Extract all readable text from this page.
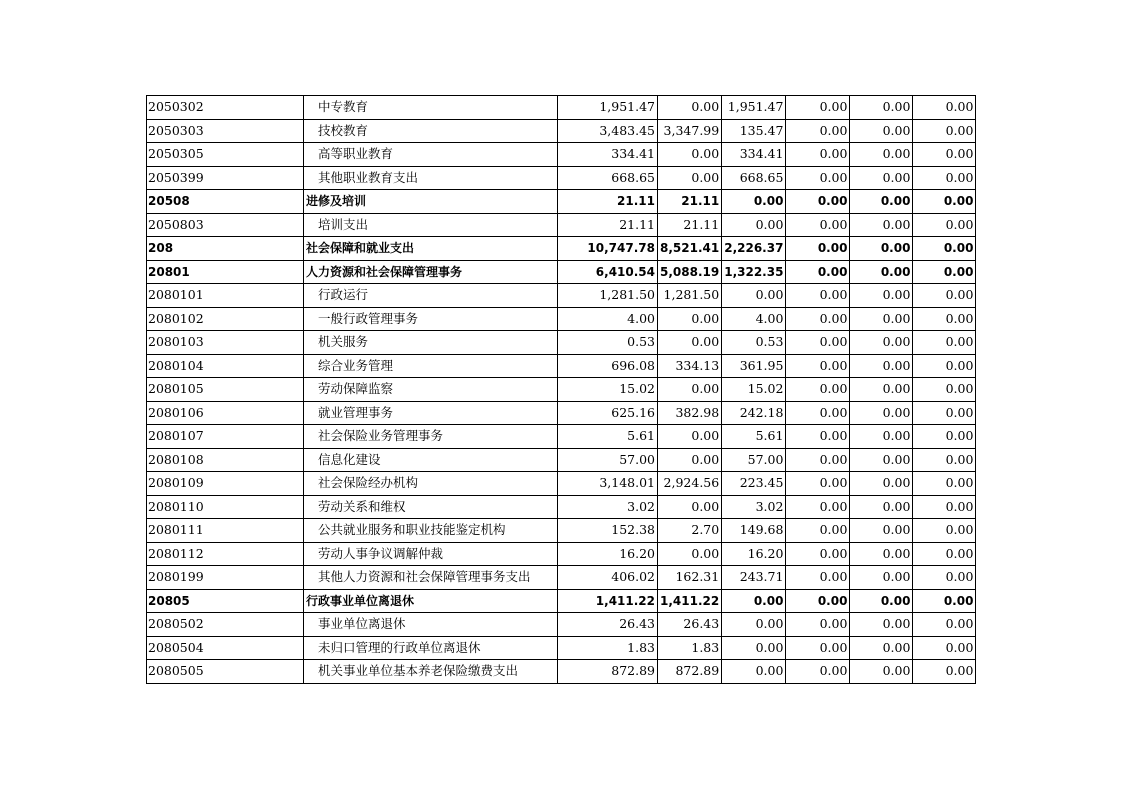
2050302	中专教育	1,951.47	0.00	1,951.47	0.00	0.00	0.00
2050303	技校教育	3,483.45	3,347.99	135.47	0.00	0.00	0.00
2050305	高等职业教育	334.41	0.00	334.41	0.00	0.00	0.00
2050399	其他职业教育支出	668.65	0.00	668.65	0.00	0.00	0.00
20508	进修及培训	21.11	21.11	0.00	0.00	0.00	0.00
2050803	培训支出	21.11	21.11	0.00	0.00	0.00	0.00
208	社会保障和就业支出	10,747.78	8,521.41	2,226.37	0.00	0.00	0.00
20801	人力资源和社会保障管理事务	6,410.54	5,088.19	1,322.35	0.00	0.00	0.00
2080101	行政运行	1,281.50	1,281.50	0.00	0.00	0.00	0.00
2080102	一般行政管理事务	4.00	0.00	4.00	0.00	0.00	0.00
2080103	机关服务	0.53	0.00	0.53	0.00	0.00	0.00
2080104	综合业务管理	696.08	334.13	361.95	0.00	0.00	0.00
2080105	劳动保障监察	15.02	0.00	15.02	0.00	0.00	0.00
2080106	就业管理事务	625.16	382.98	242.18	0.00	0.00	0.00
2080107	社会保险业务管理事务	5.61	0.00	5.61	0.00	0.00	0.00
2080108	信息化建设	57.00	0.00	57.00	0.00	0.00	0.00
2080109	社会保险经办机构	3,148.01	2,924.56	223.45	0.00	0.00	0.00
2080110	劳动关系和维权	3.02	0.00	3.02	0.00	0.00	0.00
2080111	公共就业服务和职业技能鉴定机构	152.38	2.70	149.68	0.00	0.00	0.00
2080112	劳动人事争议调解仲裁	16.20	0.00	16.20	0.00	0.00	0.00
2080199	其他人力资源和社会保障管理事务支出	406.02	162.31	243.71	0.00	0.00	0.00
20805	行政事业单位离退休	1,411.22	1,411.22	0.00	0.00	0.00	0.00
2080502	事业单位离退休	26.43	26.43	0.00	0.00	0.00	0.00
2080504	未归口管理的行政单位离退休	1.83	1.83	0.00	0.00	0.00	0.00
2080505	机关事业单位基本养老保险缴费支出	872.89	872.89	0.00	0.00	0.00	0.00
